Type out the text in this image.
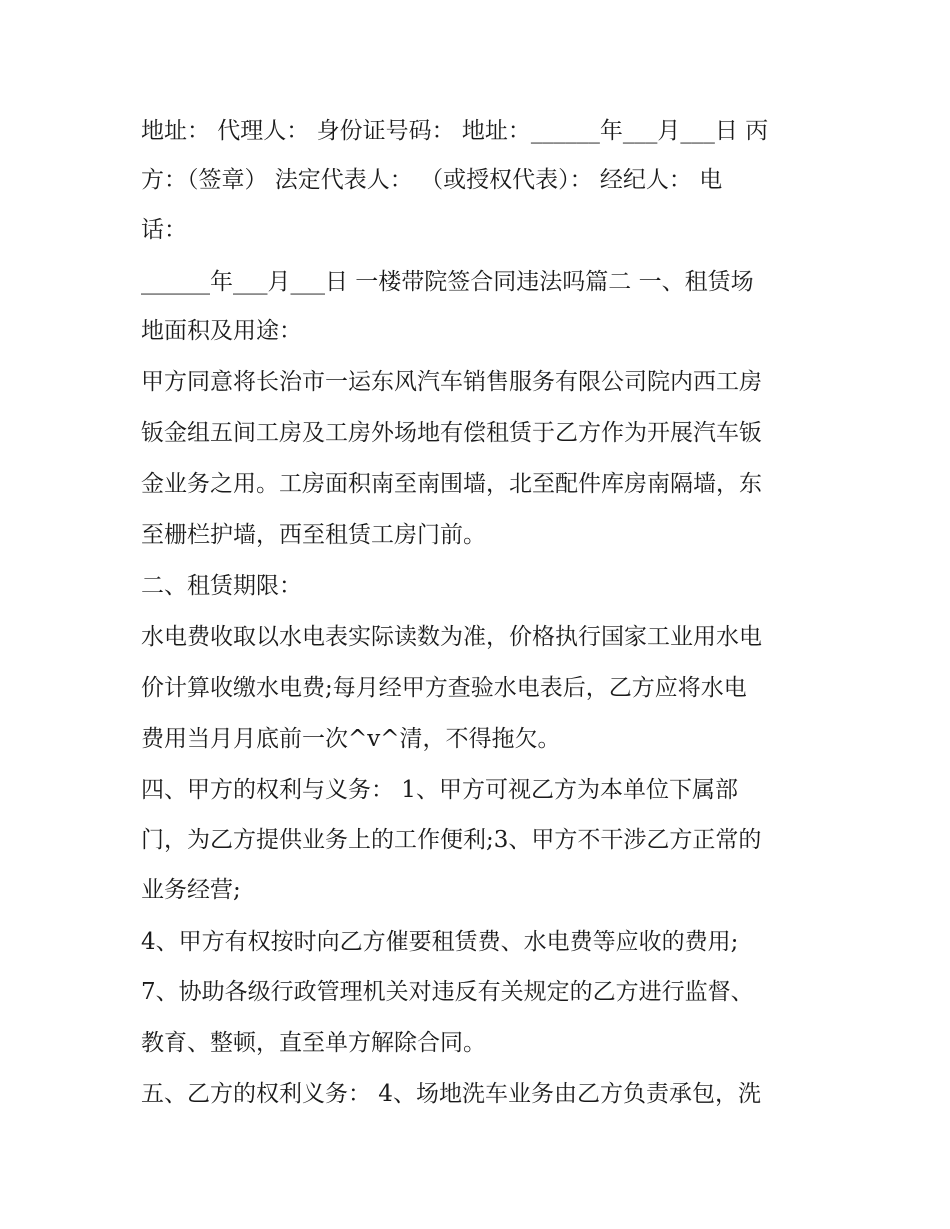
地址： 代理人： 身份证号码： 地址：______年___月___日 丙
方：（签章） 法定代表人： （或授权代表）： 经纪人： 电
话：
______年___月___日 一楼带院签合同违法吗篇二 一、租赁场
地面积及用途：
甲方同意将长治市一运东风汽车销售服务有限公司院内西工房
钣金组五间工房及工房外场地有偿租赁于乙方作为开展汽车钣
金业务之用。工房面积南至南围墙，北至配件库房南隔墙，东
至栅栏护墙，西至租赁工房门前。
二、租赁期限：
水电费收取以水电表实际读数为准，价格执行国家工业用水电
价计算收缴水电费;每月经甲方查验水电表后，乙方应将水电
费用当月月底前一次^v^清，不得拖欠。
四、甲方的权利与义务： 1、甲方可视乙方为本单位下属部
门，为乙方提供业务上的工作便利;3、甲方不干涉乙方正常的
业务经营;
4、甲方有权按时向乙方催要租赁费、水电费等应收的费用;
7、协助各级行政管理机关对违反有关规定的乙方进行监督、
教育、整顿，直至单方解除合同。
五、乙方的权利义务： 4、场地洗车业务由乙方负责承包，洗
